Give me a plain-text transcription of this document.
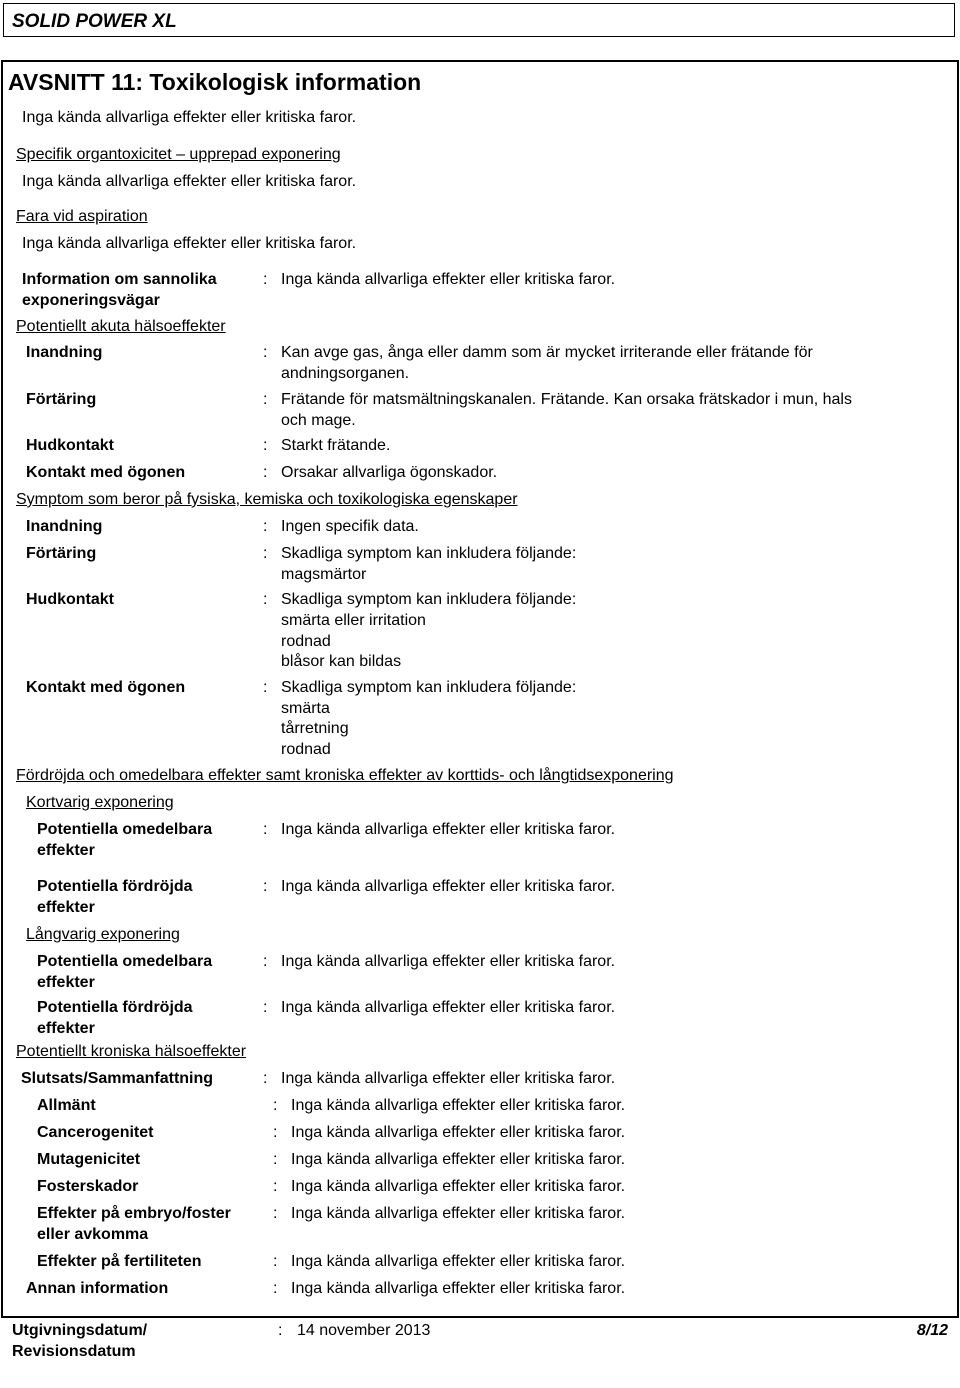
SOLID POWER XL
AVSNITT 11: Toxikologisk information
Inga kända allvarliga effekter eller kritiska faror.
Specifik organtoxicitet – upprepad exponering
Inga kända allvarliga effekter eller kritiska faror.
Fara vid aspiration
Inga kända allvarliga effekter eller kritiska faror.
Information om sannolika
exponeringsvägar
: Inga kända allvarliga effekter eller kritiska faror.
Potentiellt akuta hälsoeffekter
Inandning	: Kan avge gas, ånga eller damm som är mycket irriterande eller frätande för
andningsorganen.
Förtäring	: Frätande för matsmältningskanalen. Frätande. Kan orsaka frätskador i mun, hals
och mage.
Hudkontakt	: Starkt frätande.
Kontakt med ögonen	: Orsakar allvarliga ögonskador.
Symptom som beror på fysiska, kemiska och toxikologiska egenskaper
Inandning	: Ingen specifik data.
Förtäring	: Skadliga symptom kan inkludera följande:
magsmärtor
Hudkontakt	: Skadliga symptom kan inkludera följande:
smärta eller irritation
rodnad
blåsor kan bildas
Kontakt med ögonen	: Skadliga symptom kan inkludera följande:
smärta
tårretning
rodnad
Fördröjda och omedelbara effekter samt kroniska effekter av korttids- och långtidsexponering
Kortvarig exponering
Potentiella omedelbara
effekter
: Inga kända allvarliga effekter eller kritiska faror.
Potentiella fördröjda
effekter
: Inga kända allvarliga effekter eller kritiska faror.
Långvarig exponering
Potentiella omedelbara
effekter
: Inga kända allvarliga effekter eller kritiska faror.
Potentiella fördröjda
effekter
: Inga kända allvarliga effekter eller kritiska faror.
Potentiellt kroniska hälsoeffekter
Slutsats/Sammanfattning	: Inga kända allvarliga effekter eller kritiska faror.
Allmänt	: Inga kända allvarliga effekter eller kritiska faror.
Cancerogenitet	: Inga kända allvarliga effekter eller kritiska faror.
Mutagenicitet	: Inga kända allvarliga effekter eller kritiska faror.
Fosterskador	: Inga kända allvarliga effekter eller kritiska faror.
Effekter på embryo/foster
eller avkomma
: Inga kända allvarliga effekter eller kritiska faror.
Effekter på fertiliteten	: Inga kända allvarliga effekter eller kritiska faror.
Annan information	: Inga kända allvarliga effekter eller kritiska faror.
Utgivningsdatum/
Revisionsdatum
: 14 november 2013	8/12
